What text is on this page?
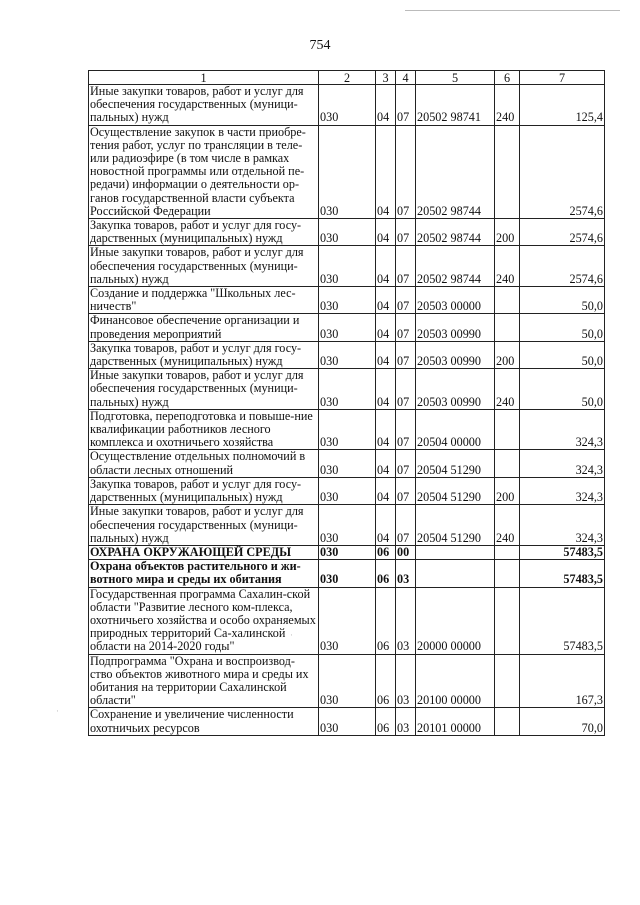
754
1	2	3	4	5	6	7
Иные закупки товаров, работ и услуг для обеспечения государственных (муници-пальных) нужд	030	04	07	20502 98741	240	125,4
Осуществление закупок в части приобре-тения работ, услуг по трансляции в теле- или радиоэфире (в том числе в рамках новостной программы или отдельной пе-редачи) информации о деятельности ор-ганов государственной власти субъекта Российской Федерации	030	04	07	20502 98744		2574,6
Закупка товаров, работ и услуг для госу-дарственных (муниципальных) нужд	030	04	07	20502 98744	200	2574,6
Иные закупки товаров, работ и услуг для обеспечения государственных (муници-пальных) нужд	030	04	07	20502 98744	240	2574,6
Создание и поддержка "Школьных лес-ничеств"	030	04	07	20503 00000		50,0
Финансовое обеспечение организации и проведения мероприятий	030	04	07	20503 00990		50,0
Закупка товаров, работ и услуг для госу-дарственных (муниципальных) нужд	030	04	07	20503 00990	200	50,0
Иные закупки товаров, работ и услуг для обеспечения государственных (муници-пальных) нужд	030	04	07	20503 00990	240	50,0
Подготовка, переподготовка и повыше-ние квалификации работников лесного комплекса и охотничьего хозяйства	030	04	07	20504 00000		324,3
Осуществление отдельных полномочий в области лесных отношений	030	04	07	20504 51290		324,3
Закупка товаров, работ и услуг для госу-дарственных (муниципальных) нужд	030	04	07	20504 51290	200	324,3
Иные закупки товаров, работ и услуг для обеспечения государственных (муници-пальных) нужд	030	04	07	20504 51290	240	324,3
ОХРАНА ОКРУЖАЮЩЕЙ СРЕДЫ	030	06	00			57483,5
Охрана объектов растительного и жи-вотного мира и среды их обитания	030	06	03			57483,5
Государственная программа Сахалин-ской области "Развитие лесного ком-плекса, охотничьего хозяйства и особо охраняемых природных территорий Са-халинской области на 2014-2020 годы"	030	06	03	20000 00000		57483,5
Подпрограмма "Охрана и воспроизвод-ство объектов животного мира и среды их обитания на территории Сахалинской области"	030	06	03	20100 00000		167,3
Сохранение и увеличение численности охотничьих ресурсов	030	06	03	20101 00000		70,0
·
·
